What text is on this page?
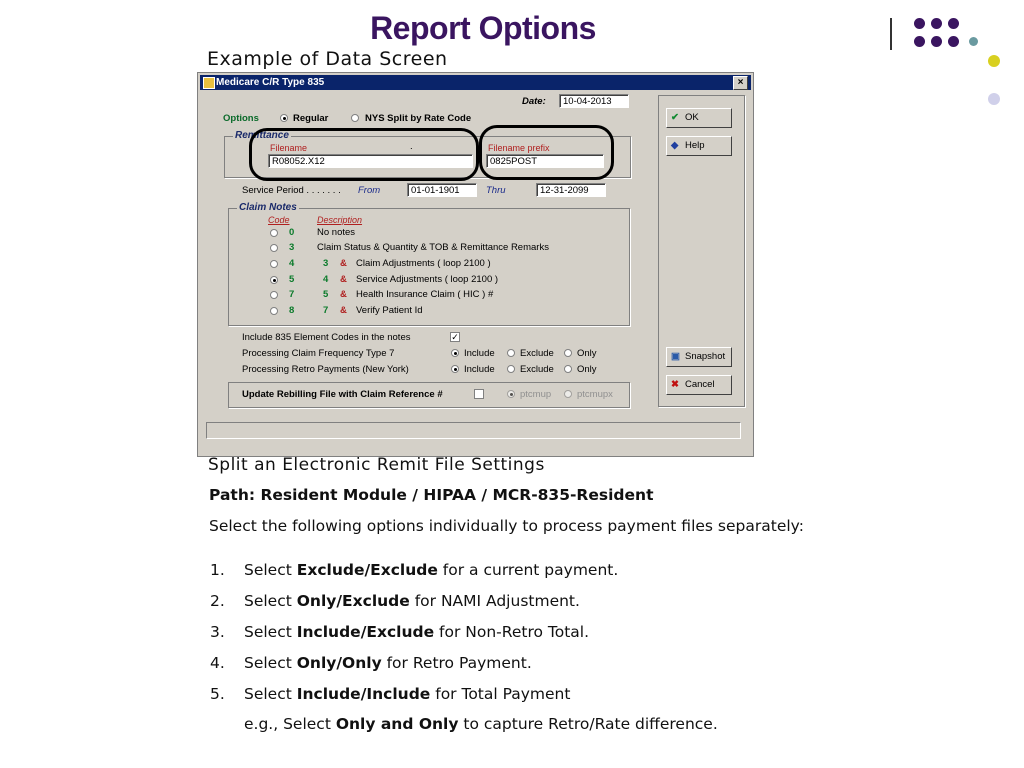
Report Options
Example of Data Screen
Medicare C/R Type 835	×
✔ OK
◆ Help
▣ Snapshot
✖ Cancel
Date:	10-04-2013
Options	Regular	NYS Split by Rate Code
Remittance
Filename	.
R08052.X12
Filename prefix
0825POST
Service Period . . . . . . . From	01-01-1901	Thru	12-31-2099
Claim Notes
Code	Description
0 No notes
3 Claim Status & Quantity & TOB & Remittance Remarks
4	3 & Claim Adjustments ( loop 2100 )
5	4 & Service Adjustments ( loop 2100 )
7	5 & Health Insurance Claim ( HIC ) #
8	7 & Verify Patient Id
Include 835 Element Codes in the notes	✓
Processing Claim Frequency Type 7	Include	Exclude Only
Processing Retro Payments (New York)	Include	Exclude Only
Update Rebilling File with Claim Reference #	ptcmup	ptcmupx
Split an Electronic Remit File Settings
Path: Resident Module / HIPAA / MCR-835-Resident
Select the following options individually to process payment files separately:
1. Select Exclude/Exclude for a current payment.
2. Select Only/Exclude for NAMI Adjustment.
3. Select Include/Exclude for Non-Retro Total.
4. Select Only/Only for Retro Payment.
5. Select Include/Include for Total Payment
e.g., Select Only and Only to capture Retro/Rate difference.
